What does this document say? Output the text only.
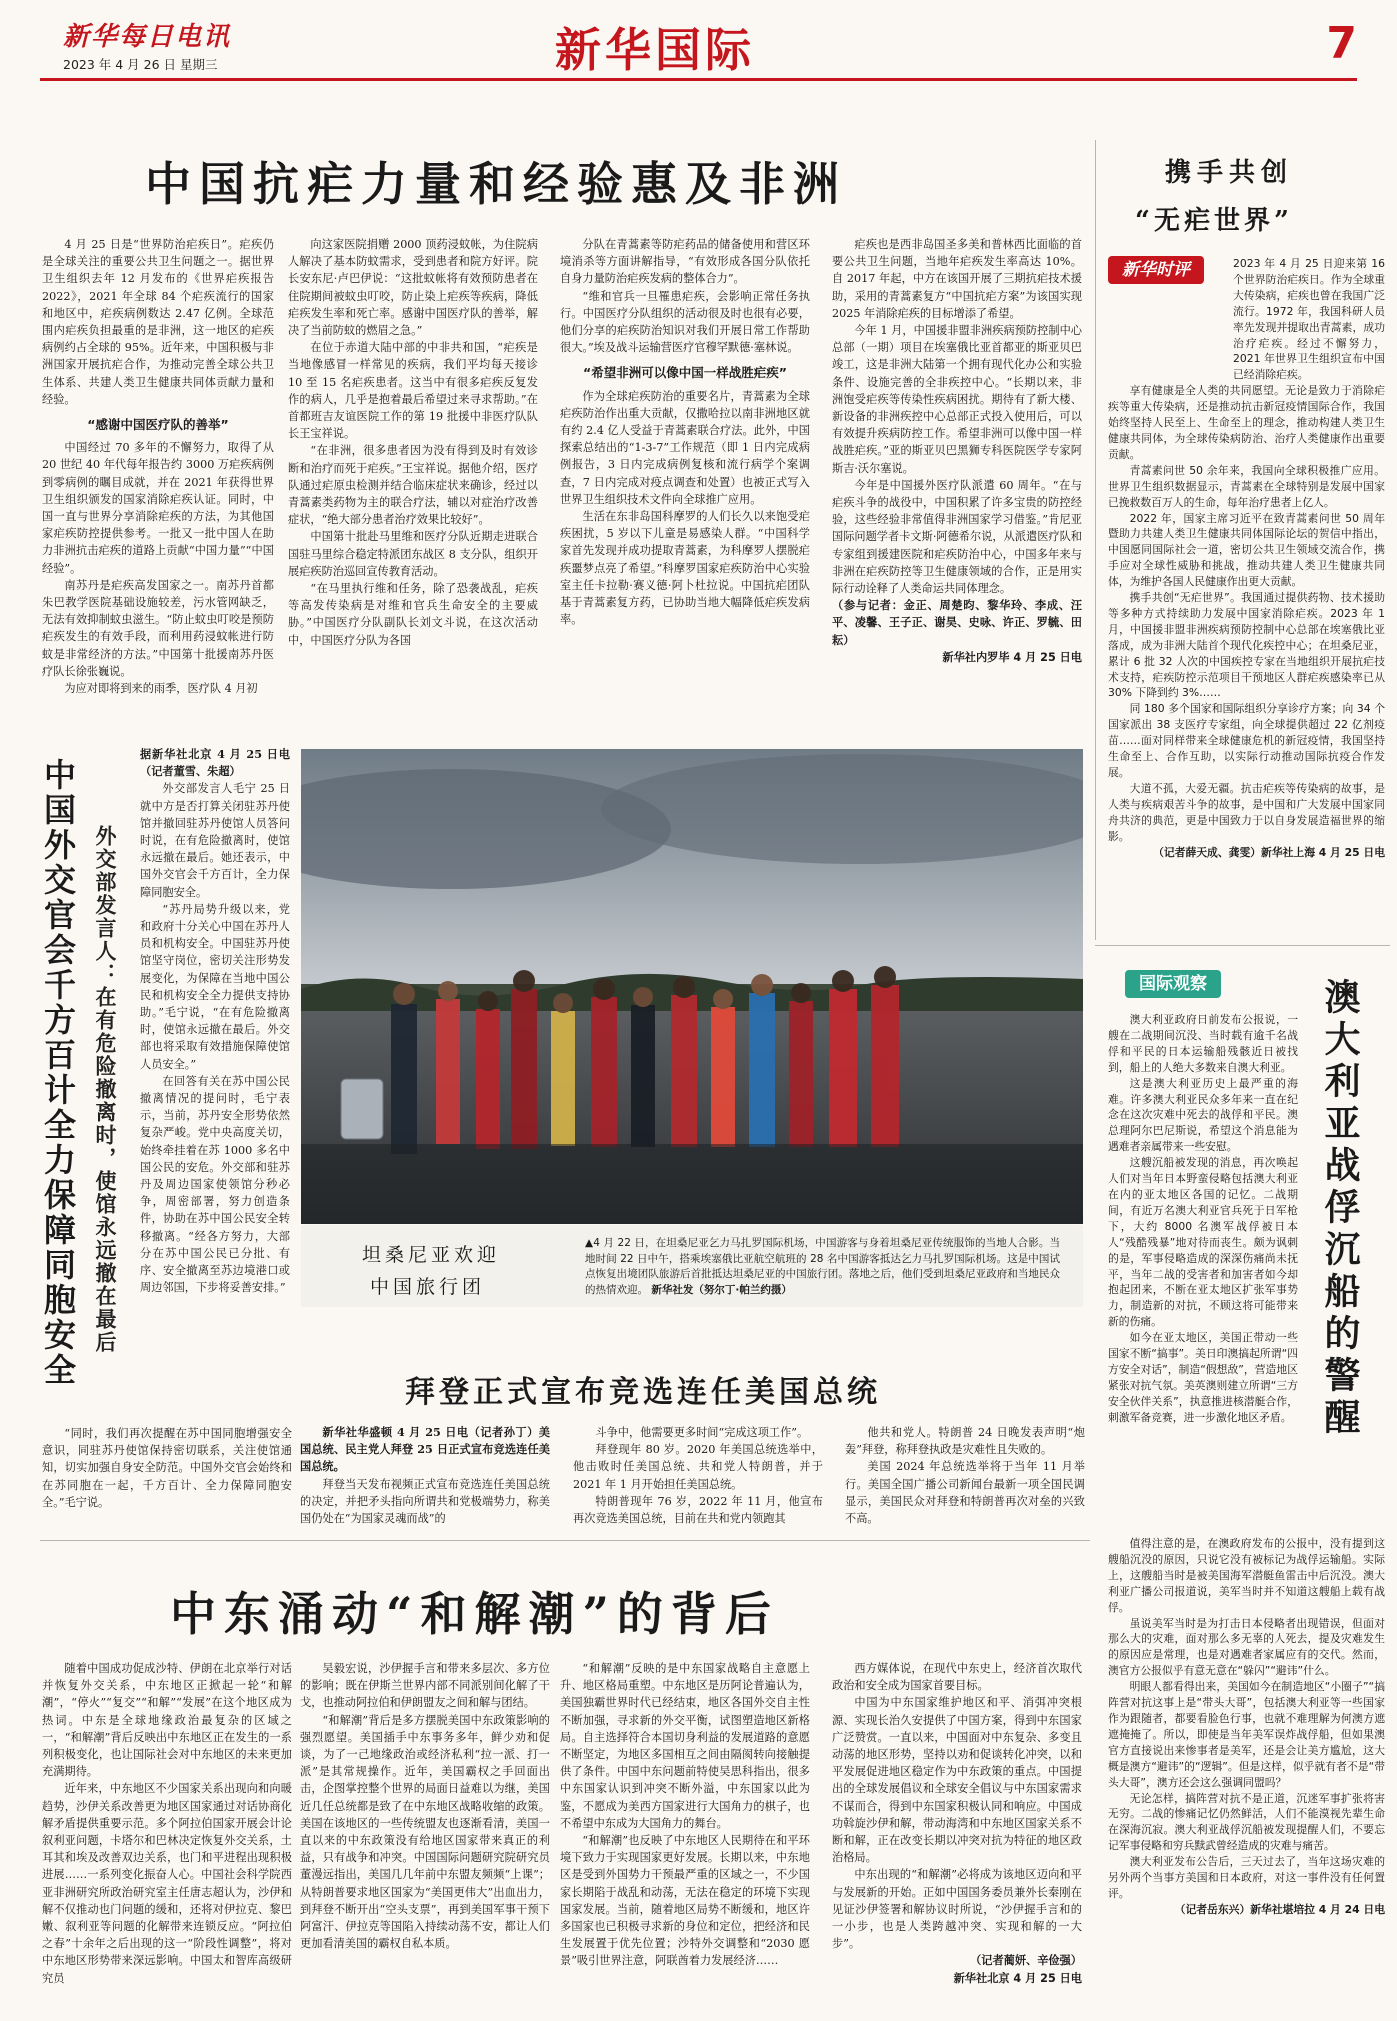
新华每日电讯
2023 年 4 月 26 日 星期三	新华国际	7
中国抗疟力量和经验惠及非洲

4 月 25 日是“世界防治疟疾日”。疟疾仍是全球关注的重要公共卫生问题之一。据世界卫生组织去年 12 月发布的《世界疟疾报告 2022》，2021 年全球 84 个疟疾流行的国家和地区中，疟疾病例数达 2.47 亿例。全球范围内疟疾负担最重的是非洲，这一地区的疟疾病例约占全球的 95%。近年来，中国积极与非洲国家开展抗疟合作，为推动完善全球公共卫生体系、共建人类卫生健康共同体贡献力量和经验。

“感谢中国医疗队的善举”

中国经过 70 多年的不懈努力，取得了从 20 世纪 40 年代每年报告约 3000 万疟疾病例到零病例的瞩目成就，并在 2021 年获得世界卫生组织颁发的国家消除疟疾认证。同时，中国一直与世界分享消除疟疾的方法，为其他国家疟疾防控提供参考。一批又一批中国人在助力非洲抗击疟疾的道路上贡献“中国力量”“中国经验”。

南苏丹是疟疾高发国家之一。南苏丹首都朱巴教学医院基础设施较差，污水管网缺乏，无法有效抑制蚊虫滋生。“防止蚊虫叮咬是预防疟疾发生的有效手段，而利用药浸蚊帐进行防蚊是非常经济的方法。”中国第十批援南苏丹医疗队长徐张巍说。

为应对即将到来的雨季，医疗队 4 月初

向这家医院捐赠 2000 顶药浸蚊帐，为住院病人解决了基本防蚊需求，受到患者和院方好评。院长安东尼·卢巴伊说：“这批蚊帐将有效预防患者在住院期间被蚊虫叮咬，防止染上疟疾等疾病，降低疟疾发生率和死亡率。感谢中国医疗队的善举，解决了当前防蚊的燃眉之急。”

在位于赤道大陆中部的中非共和国，“疟疾是当地像感冒一样常见的疾病，我们平均每天接诊 10 至 15 名疟疾患者。这当中有很多疟疾反复发作的病人，几乎是抱着最后希望过来寻求帮助。”在首都班吉友谊医院工作的第 19 批援中非医疗队队长王宝祥说。

“在非洲，很多患者因为没有得到及时有效诊断和治疗而死于疟疾。”王宝祥说。据他介绍，医疗队通过疟原虫检测并结合临床症状来确诊，经过以青蒿素类药物为主的联合疗法，辅以对症治疗改善症状，“绝大部分患者治疗效果比较好”。

中国第十批赴马里维和医疗分队近期走进联合国驻马里综合稳定特派团东战区 8 支分队，组织开展疟疾防治巡回宣传教育活动。

“在马里执行维和任务，除了恐袭战乱，疟疾等高发传染病是对维和官兵生命安全的主要威胁。”中国医疗分队副队长刘文斗说，在这次活动中，中国医疗分队为各国

分队在青蒿素等防疟药品的储备使用和营区环境消杀等方面讲解指导，“有效形成各国分队依托自身力量防治疟疾发病的整体合力”。

“维和官兵一旦罹患疟疾，会影响正常任务执行。中国医疗分队组织的活动很及时也很有必要，他们分享的疟疾防治知识对我们开展日常工作帮助很大。”埃及战斗运输营医疗官穆罕默德·塞林说。

“希望非洲可以像中国一样战胜疟疾”

作为全球疟疾防治的重要名片，青蒿素为全球疟疾防治作出重大贡献，仅撒哈拉以南非洲地区就有约 2.4 亿人受益于青蒿素联合疗法。此外，中国探索总结出的“1-3-7”工作规范（即 1 日内完成病例报告，3 日内完成病例复核和流行病学个案调查，7 日内完成对疫点调查和处置）也被正式写入世界卫生组织技术文件向全球推广应用。

生活在东非岛国科摩罗的人们长久以来饱受疟疾困扰，5 岁以下儿童是易感染人群。“中国科学家首先发现并成功提取青蒿素，为科摩罗人摆脱疟疾噩梦点亮了希望。”科摩罗国家疟疾防治中心实验室主任卡拉勒·赛义德·阿卜杜拉说。中国抗疟团队基于青蒿素复方药，已协助当地大幅降低疟疾发病率。

疟疾也是西非岛国圣多美和普林西比面临的首要公共卫生问题，当地年疟疾发生率高达 10%。自 2017 年起，中方在该国开展了三期抗疟技术援助，采用的青蒿素复方“中国抗疟方案”为该国实现 2025 年消除疟疾的目标增添了希望。

今年 1 月，中国援非盟非洲疾病预防控制中心总部（一期）项目在埃塞俄比亚首都亚的斯亚贝巴竣工，这是非洲大陆第一个拥有现代化办公和实验条件、设施完善的全非疾控中心。“长期以来，非洲饱受疟疾等传染性疾病困扰。期待有了新大楼、新设备的非洲疾控中心总部正式投入使用后，可以有效提升疾病防控工作。希望非洲可以像中国一样战胜疟疾。”亚的斯亚贝巴黑狮专科医院医学专家阿斯吉·沃尔塞说。

今年是中国援外医疗队派遣 60 周年。“在与疟疾斗争的战役中，中国积累了许多宝贵的防控经验，这些经验非常值得非洲国家学习借鉴。”肯尼亚国际问题学者卡文斯·阿德希尔说，从派遣医疗队和专家组到援建医院和疟疾防治中心，中国多年来与非洲在疟疾防控等卫生健康领域的合作，正是用实际行动诠释了人类命运共同体理念。

（参与记者：金正、周楚昀、黎华玲、李成、汪平、凌馨、王子正、谢昊、史咏、许正、罗毓、田耘）

新华社内罗毕 4 月 25 日电

携手共创
“无疟世界”
新华时评	2023 年 4 月 25 日迎来第 16 个世界防治疟疾日。作为全球重大传染病，疟疾也曾在我国广泛流行。1972 年，我国科研人员率先发现并提取出青蒿素，成功治疗疟疾。经过不懈努力，2021 年世界卫生组织宣布中国已经消除疟疾。

享有健康是全人类的共同愿望。无论是致力于消除疟疾等重大传染病，还是推动抗击新冠疫情国际合作，我国始终坚持人民至上、生命至上的理念，推动构建人类卫生健康共同体，为全球传染病防治、治疗人类健康作出重要贡献。

青蒿素问世 50 余年来，我国向全球积极推广应用。世界卫生组织数据显示，青蒿素在全球特别是发展中国家已挽救数百万人的生命，每年治疗患者上亿人。

2022 年，国家主席习近平在致青蒿素问世 50 周年暨助力共建人类卫生健康共同体国际论坛的贺信中指出，中国愿同国际社会一道，密切公共卫生领域交流合作，携手应对全球性威胁和挑战，推动共建人类卫生健康共同体，为维护各国人民健康作出更大贡献。

携手共创“无疟世界”。我国通过提供药物、技术援助等多种方式持续助力发展中国家消除疟疾。2023 年 1 月，中国援非盟非洲疾病预防控制中心总部在埃塞俄比亚落成，成为非洲大陆首个现代化疾控中心；在坦桑尼亚，累计 6 批 32 人次的中国疾控专家在当地组织开展抗疟技术支持，疟疾防控示范项目干预地区人群疟疾感染率已从 30% 下降到约 3%……

同 180 多个国家和国际组织分享诊疗方案；向 34 个国家派出 38 支医疗专家组，向全球提供超过 22 亿剂疫苗……面对同样带来全球健康危机的新冠疫情，我国坚持生命至上、合作互助，以实际行动推动国际抗疫合作发展。

大道不孤，大爱无疆。抗击疟疾等传染病的故事，是人类与疾病艰苦斗争的故事，是中国和广大发展中国家同舟共济的典范，更是中国致力于以自身发展造福世界的缩影。

（记者薛天成、龚雯）新华社上海 4 月 25 日电

中国外交官会千方百计全力保障同胞安全 外交部发言人：在有危险撤离时，使馆永远撤在最后

据新华社北京 4 月 25 日电（记者董雪、朱超）

外交部发言人毛宁 25 日就中方是否打算关闭驻苏丹使馆并撤回驻苏丹使馆人员答问时说，在有危险撤离时，使馆永远撤在最后。她还表示，中国外交官会千方百计，全力保障同胞安全。

“苏丹局势升级以来，党和政府十分关心中国在苏丹人员和机构安全。中国驻苏丹使馆坚守岗位，密切关注形势发展变化，为保障在当地中国公民和机构安全全力提供支持协助。”毛宁说，“在有危险撤离时，使馆永远撤在最后。外交部也将采取有效措施保障使馆人员安全。”

在回答有关在苏中国公民撤离情况的提问时，毛宁表示，当前，苏丹安全形势依然复杂严峻。党中央高度关切，始终牵挂着在苏 1000 多名中国公民的安危。外交部和驻苏丹及周边国家使领馆分秒必争，周密部署，努力创造条件，协助在苏中国公民安全转移撤离。“经各方努力，大部分在苏中国公民已分批、有序、安全撤离至苏边境港口或周边邻国，下步将妥善安排。”

“同时，我们再次提醒在苏中国同胞增强安全意识，同驻苏丹使馆保持密切联系，关注使馆通知，切实加强自身安全防范。中国外交官会始终和在苏同胞在一起，千方百计、全力保障同胞安全。”毛宁说。

坦桑尼亚欢迎
中国旅行团

▲4 月 22 日，在坦桑尼亚乞力马扎罗国际机场，中国游客与身着坦桑尼亚传统服饰的当地人合影。当地时间 22 日中午，搭乘埃塞俄比亚航空航班的 28 名中国游客抵达乞力马扎罗国际机场。这是中国试点恢复出境团队旅游后首批抵达坦桑尼亚的中国旅行团。落地之后，他们受到坦桑尼亚政府和当地民众的热情欢迎。 新华社发（努尔丁·帕兰约摄）

拜登正式宣布竞选连任美国总统

新华社华盛顿 4 月 25 日电（记者孙丁）美国总统、民主党人拜登 25 日正式宣布竞选连任美国总统。

拜登当天发布视频正式宣布竞选连任美国总统的决定，并把矛头指向所谓共和党极端势力，称美国仍处在“为国家灵魂而战”的

斗争中，他需要更多时间“完成这项工作”。

拜登现年 80 岁。2020 年美国总统选举中，他击败时任美国总统、共和党人特朗普，并于 2021 年 1 月开始担任美国总统。

特朗普现年 76 岁，2022 年 11 月，他宣布再次竞选美国总统，目前在共和党内领跑其

他共和党人。特朗普 24 日晚发表声明“炮轰”拜登，称拜登执政是灾难性且失败的。

美国 2024 年总统选举将于当年 11 月举行。美国全国广播公司新闻台最新一项全国民调显示，美国民众对拜登和特朗普再次对垒的兴致不高。

中东涌动“和解潮”的背后

随着中国成功促成沙特、伊朗在北京举行对话并恢复外交关系，中东地区正掀起一轮“和解潮”，“停火”“复交”“和解”“发展”在这个地区成为热词。中东是全球地缘政治最复杂的区域之一，“和解潮”背后反映出中东地区正在发生的一系列积极变化，也让国际社会对中东地区的未来更加充满期待。

近年来，中东地区不少国家关系出现向和向暖趋势，沙伊关系改善更为地区国家通过对话协商化解矛盾提供重要示范。多个阿拉伯国家开展会计论叙利亚问题，卡塔尔和巴林决定恢复外交关系，土耳其和埃及改善双边关系，也门和平进程出现积极进展……一系列变化振奋人心。中国社会科学院西亚非洲研究所政治研究室主任唐志超认为，沙伊和解不仅推动也门问题的缓和，还将对伊拉克、黎巴嫩、叙利亚等问题的化解带来连锁反应。“阿拉伯之春”十余年之后出现的这一“阶段性调整”，将对中东地区形势带来深远影响。中国太和智库高级研究员

吴毅宏说，沙伊握手言和带来多层次、多方位的影响；既在伊斯兰世界内部不同派别间化解了干戈，也推动阿拉伯和伊朗盟友之间和解与团结。

“和解潮”背后是多方摆脱美国中东政策影响的强烈愿望。美国插手中东事务多年，鲜少劝和促谈，为了一己地缘政治或经济私利“拉一派、打一派”是其常规操作。近年，美国霸权之手回面出击，企图掌控整个世界的局面日益难以为继，美国近几任总统都是致了在中东地区战略收缩的政策。美国在该地区的一些传统盟友也逐渐看清，美国一直以来的中东政策没有给地区国家带来真正的利益，只有战争和冲突。中国国际问题研究院研究员董漫远指出，美国几几年前中东盟友频频“上课”；从特朗普要求地区国家为“美国更伟大”出血出力，到拜登不断开出“空头支票”，再到美国军事干预下阿富汗、伊拉克等国陷入持续动荡不安，都让人们更加看清美国的霸权自私本质。

“和解潮”反映的是中东国家战略自主意愿上升、地区格局重塑。中东地区是历阿论普遍认为，美国独霸世界时代已经结束，地区各国外交自主性不断加强，寻求新的外交平衡，试图塑造地区新格局。自主选择符合本国切身利益的发展道路的意愿不断坚定，为地区多国相互之间由隔阂转向接触提供了条件。中国中东问题前特使吴思科指出，很多中东国家认识到冲突不断外溢，中东国家以此为鉴，不愿成为美西方国家进行大国角力的棋子，也不希望中东成为大国角力的舞台。

“和解潮”也反映了中东地区人民期待在和平环境下致力于实现国家更好发展。长期以来，中东地区是受到外国势力干预最严重的区域之一，不少国家长期陷于战乱和动荡，无法在稳定的环境下实现国家发展。当前，随着地区局势不断缓和，地区许多国家也已积极寻求新的身位和定位，把经济和民生发展置于优先位置；沙特外交调整和“2030 愿景”吸引世界注意，阿联酋着力发展经济……

西方媒体说，在现代中东史上，经济首次取代政治和安全成为国家首要目标。

中国为中东国家维护地区和平、消弭冲突根源、实现长治久安提供了中国方案，得到中东国家广泛赞赏。一直以来，中国面对中东复杂、多变且动荡的地区形势，坚持以劝和促谈转化冲突，以和平发展促进地区稳定作为中东政策的重点。中国提出的全球发展倡议和全球安全倡议与中东国家需求不谋而合，得到中东国家积极认同和响应。中国成功斡旋沙伊和解，带动海湾和中东地区国家关系不断和解，正在改变长期以冲突对抗为特征的地区政治格局。

中东出现的“和解潮”必将成为该地区迈向和平与发展新的开始。正如中国国务委员兼外长秦刚在见证沙伊签署和解协议时所说，“沙伊握手言和的一小步，也是人类跨越冲突、实现和解的一大步”。

（记者蔺妍、辛俭强）

新华社北京 4 月 25 日电

国际观察	澳大利亚战俘沉船的警醒

澳大利亚政府日前发布公报说，一艘在二战期间沉没、当时载有逾千名战俘和平民的日本运输船残骸近日被找到，船上的人绝大多数来自澳大利亚。

这是澳大利亚历史上最严重的海难。许多澳大利亚民众多年来一直在纪念在这次灾难中死去的战俘和平民。澳总理阿尔巴尼斯说，希望这个消息能为遇难者亲属带来一些安慰。

这艘沉船被发现的消息，再次唤起人们对当年日本野蛮侵略包括澳大利亚在内的亚太地区各国的记忆。二战期间，有近万名澳大利亚官兵死于日军枪下，大约 8000 名澳军战俘被日本人“残酷残暴”地对待而丧生。颇为讽刺的是，军事侵略造成的深深伤痛尚未抚平，当年二战的受害者和加害者如今却抱起团来，不断在亚太地区扩张军事势力，制造新的对抗，不顾这将可能带来新的伤痛。

如今在亚太地区，美国正带动一些国家不断“搞事”。美日印澳搞起所谓“四方安全对话”，制造“假想敌”，营造地区紧张对抗气氛。美英澳则建立所谓“三方安全伙伴关系”，执意推进核潜艇合作，刺激军备竞赛，进一步激化地区矛盾。

值得注意的是，在澳政府发布的公报中，没有提到这艘船沉没的原因，只说它没有被标记为战俘运输船。实际上，这艘船当时是被美国海军潜艇鱼雷击中后沉没。澳大利亚广播公司报道说，美军当时并不知道这艘船上载有战俘。

虽说美军当时是为打击日本侵略者出现错误，但面对那么大的灾难，面对那么多无辜的人死去，提及灾难发生的原因应是常理，也是对遇难者家属应有的交代。然而，澳官方公报似乎有意无意在“躲闪”“避讳”什么。

明眼人都看得出来，美国如今在制造地区“小圈子”“搞阵营对抗这事上是“带头大哥”，包括澳大利亚等一些国家作为跟随者，都要看脸色行事，也就不难理解为何澳方遮遮掩掩了。所以，即使是当年美军误炸战俘船，但如果澳官方直接说出来惨事者是美军，还是会让美方尴尬，这大概是澳方“避讳”的“逻辑”。但是这样，似乎就有者不是“带头大哥”，澳方还会这么强调同盟吗？

无论怎样，搞阵营对抗不是正道，沉迷军事扩张将害无穷。二战的惨痛记忆仍然鲜活，人们不能漠视先辈生命在深海沉寂。澳大利亚战俘沉船被发现提醒人们，不要忘记军事侵略和穷兵黩武曾经造成的灾难与痛苦。

澳大利亚发布公告后，三天过去了，当年这场灾难的另外两个当事方美国和日本政府，对这一事件没有任何置评。

（记者岳东兴）新华社堪培拉 4 月 24 日电
